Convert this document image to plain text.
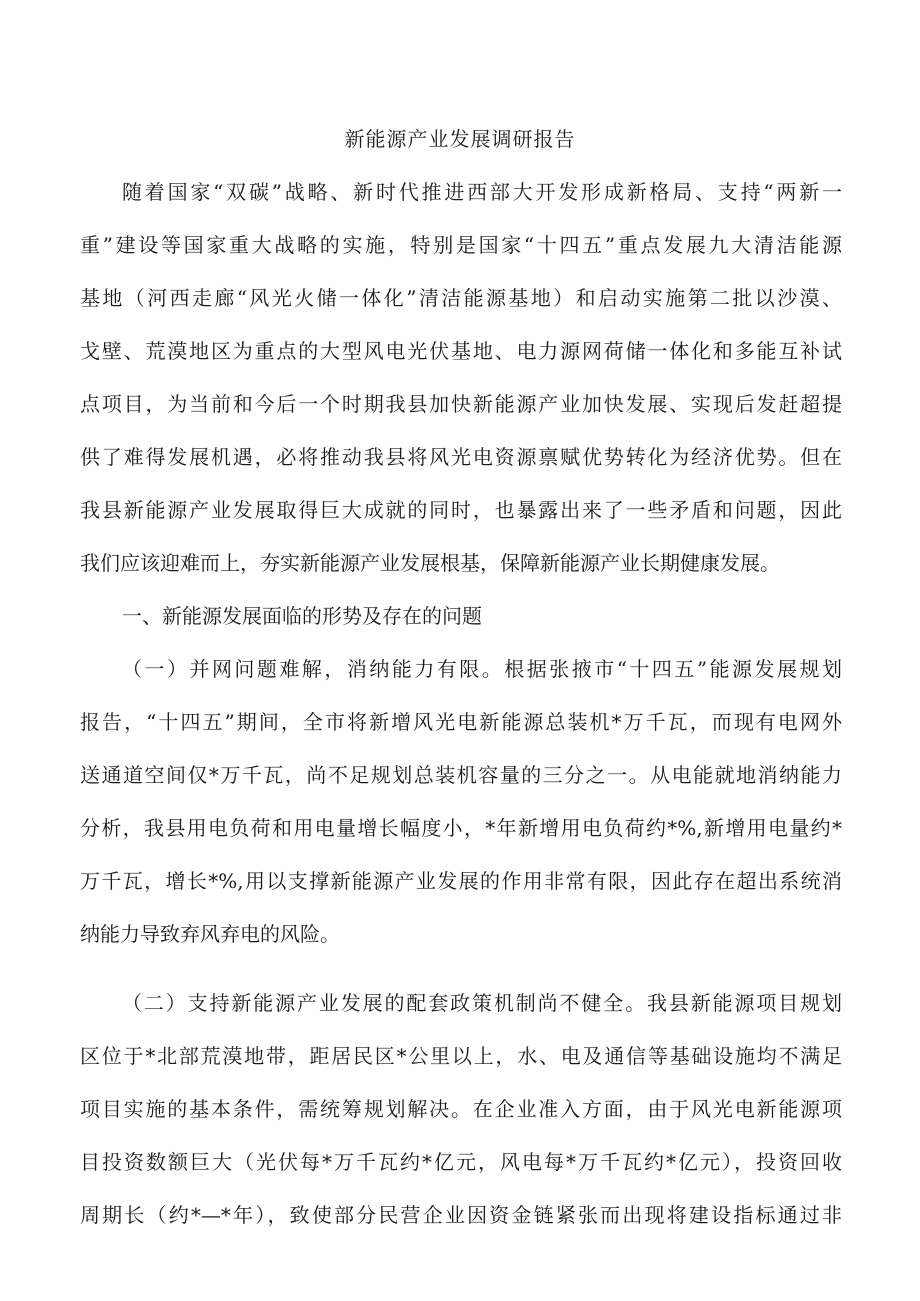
新能源产业发展调研报告
随着国家“双碳”战略、新时代推进西部大开发形成新格局、支持“两新一
重”建设等国家重大战略的实施，特别是国家“十四五”重点发展九大清洁能源
基地（河西走廊“风光火储一体化”清洁能源基地）和启动实施第二批以沙漠、
戈壁、荒漠地区为重点的大型风电光伏基地、电力源网荷储一体化和多能互补试
点项目，为当前和今后一个时期我县加快新能源产业加快发展、实现后发赶超提
供了难得发展机遇，必将推动我县将风光电资源禀赋优势转化为经济优势。但在
我县新能源产业发展取得巨大成就的同时，也暴露出来了一些矛盾和问题，因此
我们应该迎难而上，夯实新能源产业发展根基，保障新能源产业长期健康发展。
一、新能源发展面临的形势及存在的问题
（一）并网问题难解，消纳能力有限。根据张掖市“十四五”能源发展规划
报告，“十四五”期间，全市将新增风光电新能源总装机*万千瓦，而现有电网外
送通道空间仅*万千瓦，尚不足规划总装机容量的三分之一。从电能就地消纳能力
分析，我县用电负荷和用电量增长幅度小，*年新增用电负荷约*%,新增用电量约*
万千瓦，增长*%,用以支撑新能源产业发展的作用非常有限，因此存在超出系统消
纳能力导致弃风弃电的风险。
（二）支持新能源产业发展的配套政策机制尚不健全。我县新能源项目规划
区位于*北部荒漠地带，距居民区*公里以上，水、电及通信等基础设施均不满足
项目实施的基本条件，需统筹规划解决。在企业准入方面，由于风光电新能源项
目投资数额巨大（光伏每*万千瓦约*亿元，风电每*万千瓦约*亿元），投资回收
周期长（约*—*年），致使部分民营企业因资金链紧张而出现将建设指标通过非
